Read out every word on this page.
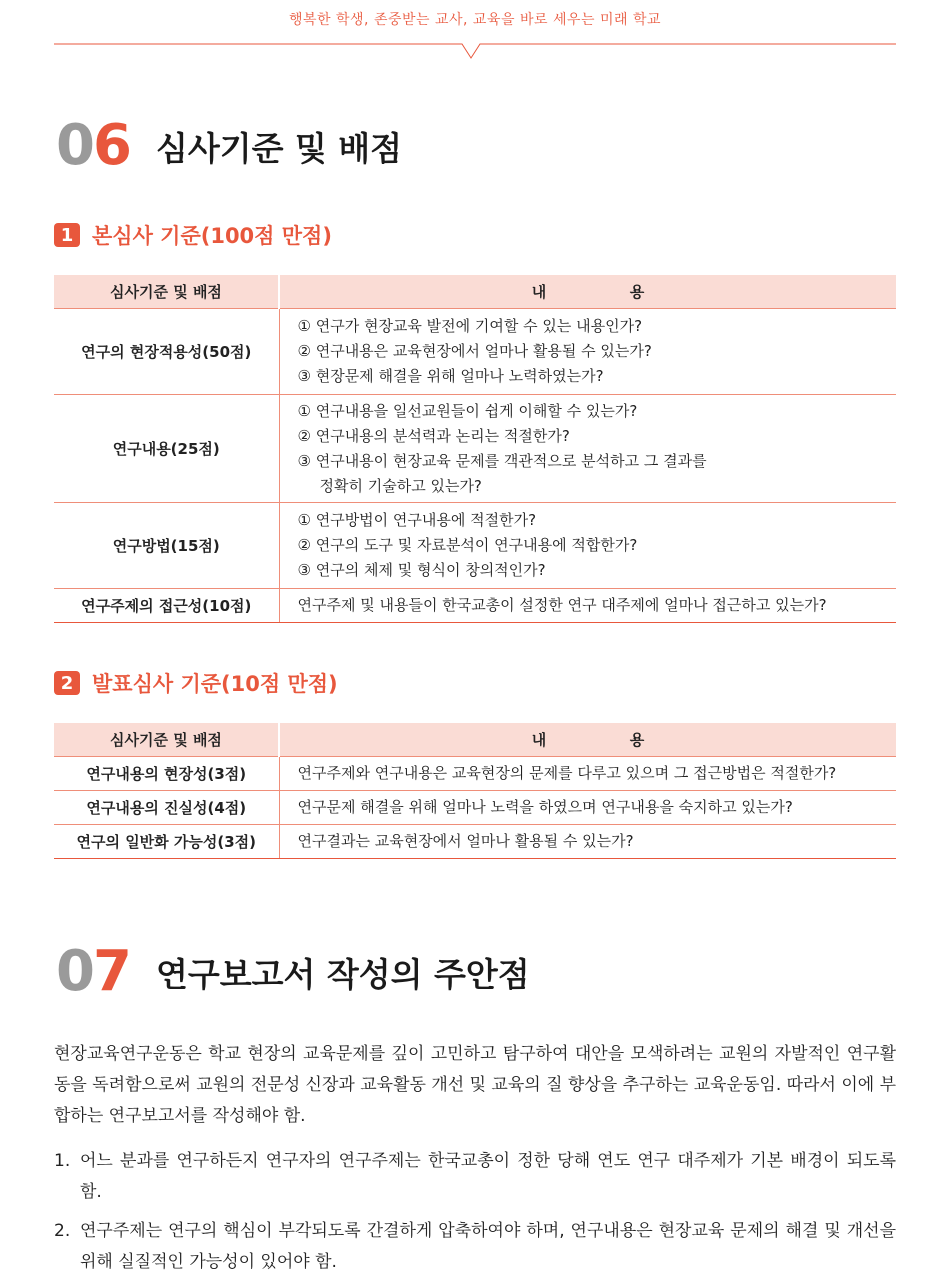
행복한 학생, 존중받는 교사, 교육을 바로 세우는 미래 학교
06 심사기준 및 배점
1 본심사 기준(100점 만점)
심사기준 및 배점	내                용
연구의 현장적용성(50점)	① 연구가 현장교육 발전에 기여할 수 있는 내용인가?
② 연구내용은 교육현장에서 얼마나 활용될 수 있는가?
③ 현장문제 해결을 위해 얼마나 노력하였는가?

연구내용(25점)	① 연구내용을 일선교원들이 쉽게 이해할 수 있는가?
② 연구내용의 분석력과 논리는 적절한가?
③ 연구내용이 현장교육 문제를 객관적으로 분석하고 그 결과를
정확히 기술하고 있는가?

연구방법(15점)	① 연구방법이 연구내용에 적절한가?
② 연구의 도구 및 자료분석이 연구내용에 적합한가?
③ 연구의 체제 및 형식이 창의적인가?

연구주제의 접근성(10점)	연구주제 및 내용들이 한국교총이 설정한 연구 대주제에 얼마나 접근하고 있는가?
2 발표심사 기준(10점 만점)
심사기준 및 배점	내                용
연구내용의 현장성(3점)	연구주제와 연구내용은 교육현장의 문제를 다루고 있으며 그 접근방법은 적절한가?
연구내용의 진실성(4점)	연구문제 해결을 위해 얼마나 노력을 하였으며 연구내용을 숙지하고 있는가?
연구의 일반화 가능성(3점)	연구결과는 교육현장에서 얼마나 활용될 수 있는가?
07 연구보고서 작성의 주안점
현장교육연구운동은 학교 현장의 교육문제를 깊이 고민하고 탐구하여 대안을 모색하려는 교원의 자발적인 연구활동을 독려함으로써 교원의 전문성 신장과 교육활동 개선 및 교육의 질 향상을 추구하는 교육운동임. 따라서 이에 부합하는 연구보고서를 작성해야 함.
1. 어느 분과를 연구하든지 연구자의 연구주제는 한국교총이 정한 당해 연도 연구 대주제가 기본 배경이 되도록 함.
2. 연구주제는 연구의 핵심이 부각되도록 간결하게 압축하여야 하며, 연구내용은 현장교육 문제의 해결 및 개선을 위해 실질적인 가능성이 있어야 함.
